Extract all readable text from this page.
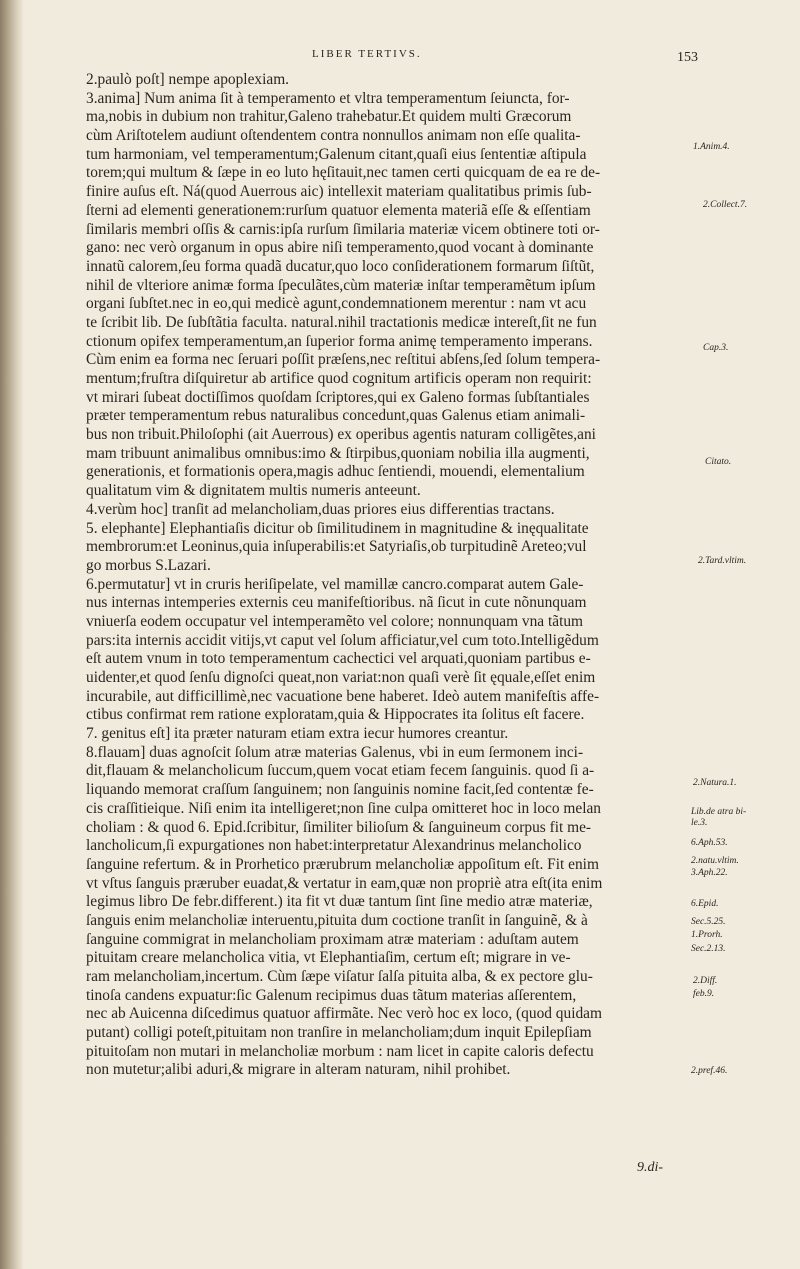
LIBER TERTIVS.	153
2.paulò poſt] nempe apoplexiam.
3.anima] Num anima ſit à temperamento et vltra temperamentum ſeiuncta, for-
ma,nobis in dubium non trahitur,Galeno trahebatur.Et quidem multi Græcorum
cùm Ariſtotelem audiunt oſtendentem contra nonnullos animam non eſſe qualita-
tum harmoniam, vel temperamentum;Galenum citant,quaſi eius ſententiæ aſtipula
torem;qui multum & ſæpe in eo luto hęſitauit,nec tamen certi quicquam de ea re de-
finire auſus eſt. Ná(quod Auerrous aic) intellexit materiam qualitatibus primis ſub-
ſterni ad elementi generationem:rurſum quatuor elementa materiã eſſe & eſſentiam
ſimilaris membri oſſis & carnis:ipſa rurſum ſimilaria materiæ vicem obtinere toti or-
gano: nec verò organum in opus abire niſi temperamento,quod vocant à dominante
innatũ calorem,ſeu forma quadã ducatur,quo loco conſiderationem formarum ſiſtũt,
nihil de vlteriore animæ forma ſpeculãtes,cùm materiæ inſtar temperamẽtum ipſum
organi ſubſtet.nec in eo,qui medicè agunt,condemnationem merentur : nam vt acu
te ſcribit lib. De ſubſtãtia faculta. natural.nihil tractationis medicæ intereſt,ſit ne fun
ctionum opifex temperamentum,an ſuperior forma animę temperamento imperans.
Cùm enim ea forma nec ſeruari poſſit præſens,nec reſtitui abſens,ſed ſolum tempera-
mentum;fruſtra diſquiretur ab artifice quod cognitum artificis operam non requirit:
vt mirari ſubeat doctiſſimos quoſdam ſcriptores,qui ex Galeno formas ſubſtantiales
præter temperamentum rebus naturalibus concedunt,quas Galenus etiam animali-
bus non tribuit.Philoſophi (ait Auerrous) ex operibus agentis naturam colligẽtes,ani
mam tribuunt animalibus omnibus:imo & ſtirpibus,quoniam nobilia illa augmenti,
generationis, et formationis opera,magis adhuc ſentiendi, mouendi, elementalium
qualitatum vim & dignitatem multis numeris anteeunt.
4.verùm hoc] tranſit ad melancholiam,duas priores eius differentias tractans.
5. elephante] Elephantiaſis dicitur ob ſimilitudinem in magnitudine & inęqualitate
membrorum:et Leoninus,quia inſuperabilis:et Satyriaſis,ob turpitudinẽ Areteo;vul
go morbus S.Lazari.
6.permutatur] vt in cruris heriſipelate, vel mamillæ cancro.comparat autem Gale-
nus internas intemperies externis ceu manifeſtioribus. nã ſicut in cute nõnunquam
vniuerſa eodem occupatur vel intemperamẽto vel colore; nonnunquam vna tãtum
pars:ita internis accidit vitijs,vt caput vel ſolum afficiatur,vel cum toto.Intelligẽdum
eſt autem vnum in toto temperamentum cachectici vel arquati,quoniam partibus e-
uidenter,et quod ſenſu dignoſci queat,non variat:non quaſi verè ſit ęquale,eſſet enim
incurabile, aut difficillimè,nec vacuatione bene haberet. Ideò autem manifeſtis affe-
ctibus confirmat rem ratione exploratam,quia & Hippocrates ita ſolitus eſt facere.
7. genitus eſt] ita præter naturam etiam extra iecur humores creantur.
8.flauam] duas agnoſcit ſolum atræ materias Galenus, vbi in eum ſermonem inci-
dit,flauam & melancholicum ſuccum,quem vocat etiam fecem ſanguinis. quod ſi a-
liquando memorat craſſum ſanguinem; non ſanguinis nomine facit,ſed contentæ fe-
cis craſſitieique. Niſi enim ita intelligeret;non ſine culpa omitteret hoc in loco melan
choliam : & quod 6. Epid.ſcribitur, ſimiliter bilioſum & ſanguineum corpus fit me-
lancholicum,ſi expurgationes non habet:interpretatur Alexandrinus melancholico
ſanguine refertum. & in Prorhetico prærubrum melancholiæ appoſitum eſt. Fit enim
vt vſtus ſanguis præruber euadat,& vertatur in eam,quæ non propriè atra eſt(ita enim
legimus libro De febr.different.) ita fit vt duæ tantum ſint ſine medio atræ materiæ,
ſanguis enim melancholiæ interuentu,pituita dum coctione tranſit in ſanguinẽ, & à
ſanguine commigrat in melancholiam proximam atræ materiam : aduſtam autem
pituitam creare melancholica vitia, vt Elephantiaſim, certum eſt; migrare in ve-
ram melancholiam,incertum. Cùm ſæpe viſatur ſalſa pituita alba, & ex pectore glu-
tinoſa candens expuatur:ſic Galenum recipimus duas tãtum materias aſſerentem,
nec ab Auicenna diſcedimus quatuor affirmãte. Nec verò hoc ex loco, (quod quidam
putant) colligi poteſt,pituitam non tranſire in melancholiam;dum inquit Epilepſiam
pituitoſam non mutari in melancholiæ morbum : nam licet in capite caloris defectu
non mutetur;alibi aduri,& migrare in alteram naturam, nihil prohibet.
1.Anim.4.
2.Collect.7.
Cap.3.
Citato.
2.Tard.vltim.
2.Natura.1.
Lib.de atra bi-
le.3.
6.Aph.53.
2.natu.vltim.
3.Aph.22.
6.Epid.
Sec.5.25.
1.Prorh.
Sec.2.13.
2.Diff.
feb.9.
2.pref.46.
9.di-
